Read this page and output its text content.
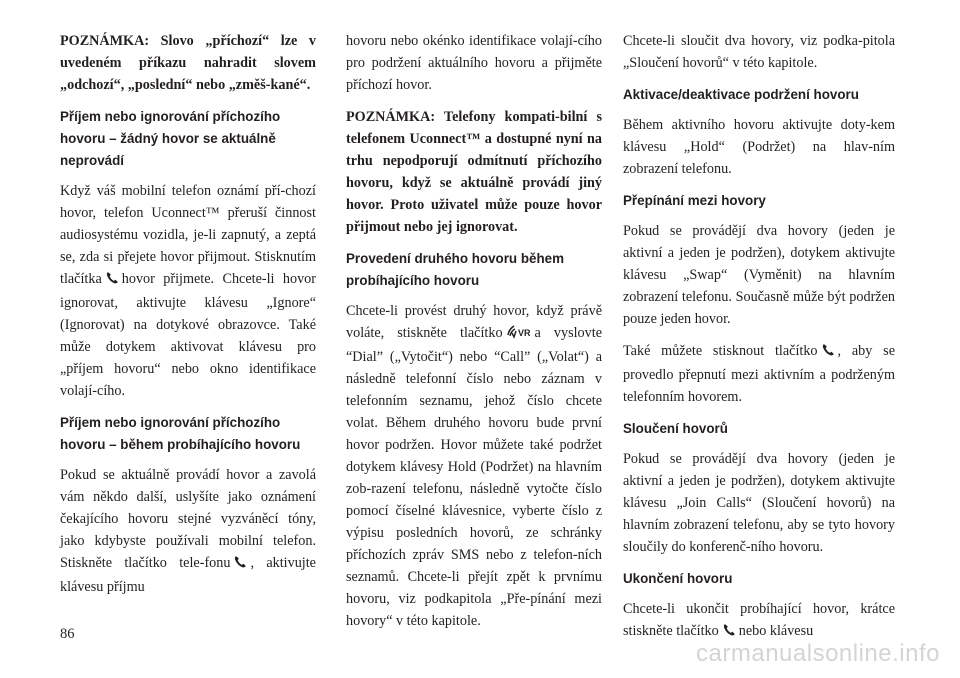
POZNÁMKA: Slovo „příchozí“ lze v uvedeném příkazu nahradit slovem „odchozí“, „poslední“ nebo „změš-kané“.

Příjem nebo ignorování příchozího hovoru – žádný hovor se aktuálně neprovádí

Když váš mobilní telefon oznámí pří-chozí hovor, telefon Uconnect™ přeruší činnost audiosystému vozidla, je-li zapnutý, a zeptá se, zda si přejete hovor přijmout. Stisknutím tlačítka hovor přijmete. Chcete-li hovor ignorovat, aktivujte klávesu „Ignore“ (Ignorovat) na dotykové obrazovce. Také může dotykem aktivovat klávesu pro „příjem hovoru“ nebo okno identifikace volají-cího.

Příjem nebo ignorování příchozího hovoru – během probíhajícího hovoru

Pokud se aktuálně provádí hovor a zavolá vám někdo další, uslyšíte jako oznámení čekajícího hovoru stejné vyzváněcí tóny, jako kdybyste používali mobilní telefon. Stiskněte tlačítko tele-fonu , aktivujte klávesu příjmu

hovoru nebo okénko identifikace volají-cího pro podržení aktuálního hovoru a přijměte příchozí hovor.

POZNÁMKA: Telefony kompati-bilní s telefonem Uconnect™ a dostupné nyní na trhu nepodporují odmítnutí příchozího hovoru, když se aktuálně provádí jiný hovor. Proto uživatel může pouze hovor přijmout nebo jej ignorovat.

Provedení druhého hovoru během probíhajícího hovoru

Chcete-li provést druhý hovor, když právě voláte, stiskněte tlačítko VR a vyslovte “Dial” („Vytočit“) nebo “Call” („Volat“) a následně telefonní číslo nebo záznam v telefonním seznamu, jehož číslo chcete volat. Během druhého hovoru bude první hovor podržen. Hovor můžete také podržet dotykem klávesy Hold (Podržet) na hlavním zob-razení telefonu, následně vytočte číslo pomocí číselné klávesnice, vyberte číslo z výpisu posledních hovorů, ze schránky příchozích zpráv SMS nebo z telefon-ních seznamů. Chcete-li přejít zpět k prvnímu hovoru, viz podkapitola „Pře-pínání mezi hovory“ v této kapitole.

Chcete-li sloučit dva hovory, viz podka-pitola „Sloučení hovorů“ v této kapitole.

Aktivace/deaktivace podržení hovoru

Během aktivního hovoru aktivujte doty-kem klávesu „Hold“ (Podržet) na hlav-ním zobrazení telefonu.

Přepínání mezi hovory

Pokud se provádějí dva hovory (jeden je aktivní a jeden je podržen), dotykem aktivujte klávesu „Swap“ (Vyměnit) na hlavním zobrazení telefonu. Současně může být podržen pouze jeden hovor.

Také můžete stisknout tlačítko , aby se provedlo přepnutí mezi aktivním a podrženým telefonním hovorem.

Sloučení hovorů

Pokud se provádějí dva hovory (jeden je aktivní a jeden je podržen), dotykem aktivujte klávesu „Join Calls“ (Sloučení hovorů) na hlavním zobrazení telefonu, aby se tyto hovory sloučily do konferenč-ního hovoru.

Ukončení hovoru

Chcete-li ukončit probíhající hovor, krátce stiskněte tlačítko nebo klávesu

86
carmanualsonline.info
